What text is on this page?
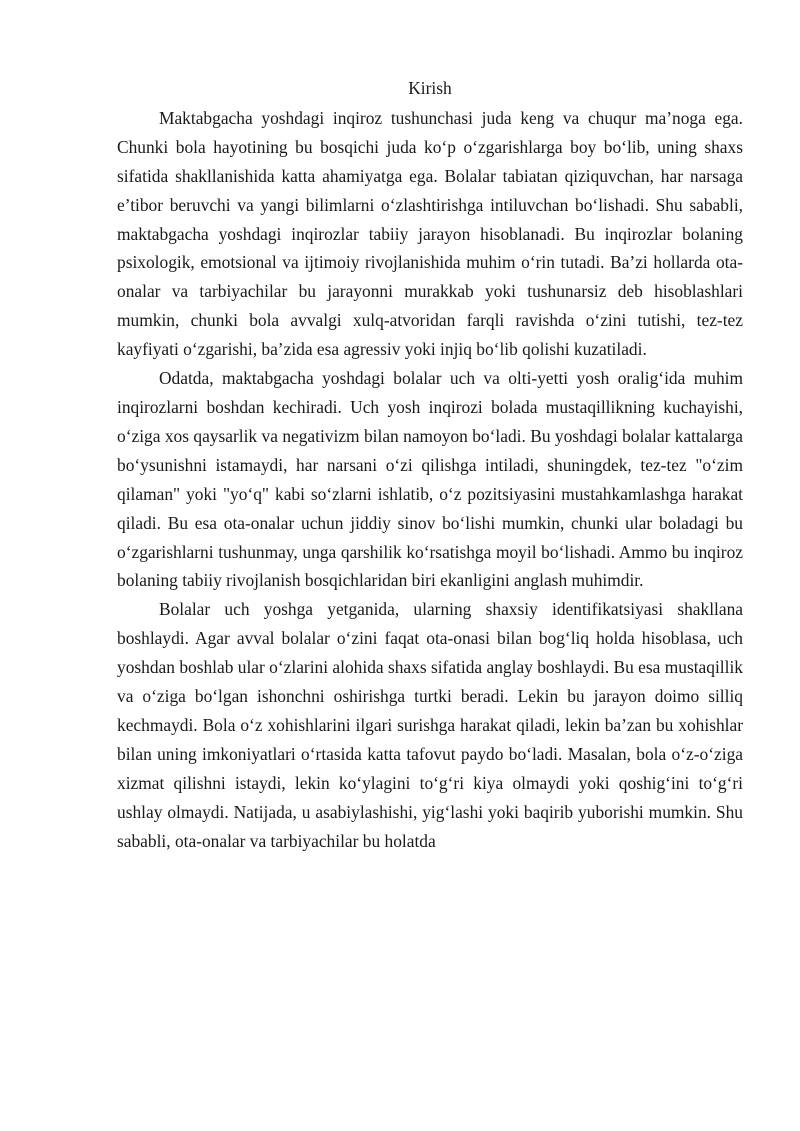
Kirish

Maktabgacha yoshdagi inqiroz tushunchasi juda keng va chuqur ma’noga ega. Chunki bola hayotining bu bosqichi juda ko‘p o‘zgarishlarga boy bo‘lib, uning shaxs sifatida shakllanishida katta ahamiyatga ega. Bolalar tabiatan qiziquvchan, har narsaga e’tibor beruvchi va yangi bilimlarni o‘zlashtirishga intiluvchan bo‘lishadi. Shu sababli, maktabgacha yoshdagi inqirozlar tabiiy jarayon hisoblanadi. Bu inqirozlar bolaning psixologik, emotsional va ijtimoiy rivojlanishida muhim o‘rin tutadi. Ba’zi hollarda ota-onalar va tarbiyachilar bu jarayonni murakkab yoki tushunarsiz deb hisoblashlari mumkin, chunki bola avvalgi xulq-atvoridan farqli ravishda o‘zini tutishi, tez-tez kayfiyati o‘zgarishi, ba’zida esa agressiv yoki injiq bo‘lib qolishi kuzatiladi.

Odatda, maktabgacha yoshdagi bolalar uch va olti-yetti yosh oralig‘ida muhim inqirozlarni boshdan kechiradi. Uch yosh inqirozi bolada mustaqillikning kuchayishi, o‘ziga xos qaysarlik va negativizm bilan namoyon bo‘ladi. Bu yoshdagi bolalar kattalarga bo‘ysunishni istamaydi, har narsani o‘zi qilishga intiladi, shuningdek, tez-tez "o‘zim qilaman" yoki "yo‘q" kabi so‘zlarni ishlatib, o‘z pozitsiyasini mustahkamlashga harakat qiladi. Bu esa ota-onalar uchun jiddiy sinov bo‘lishi mumkin, chunki ular boladagi bu o‘zgarishlarni tushunmay, unga qarshilik ko‘rsatishga moyil bo‘lishadi. Ammo bu inqiroz bolaning tabiiy rivojlanish bosqichlaridan biri ekanligini anglash muhimdir.

Bolalar uch yoshga yetganida, ularning shaxsiy identifikatsiyasi shakllana boshlaydi. Agar avval bolalar o‘zini faqat ota-onasi bilan bog‘liq holda hisoblasa, uch yoshdan boshlab ular o‘zlarini alohida shaxs sifatida anglay boshlaydi. Bu esa mustaqillik va o‘ziga bo‘lgan ishonchni oshirishga turtki beradi. Lekin bu jarayon doimo silliq kechmaydi. Bola o‘z xohishlarini ilgari surishga harakat qiladi, lekin ba’zan bu xohishlar bilan uning imkoniyatlari o‘rtasida katta tafovut paydo bo‘ladi. Masalan, bola o‘z-o‘ziga xizmat qilishni istaydi, lekin ko‘ylagini to‘g‘ri kiya olmaydi yoki qoshig‘ini to‘g‘ri ushlay olmaydi. Natijada, u asabiylashishi, yig‘lashi yoki baqirib yuborishi mumkin. Shu sababli, ota-onalar va tarbiyachilar bu holatda
